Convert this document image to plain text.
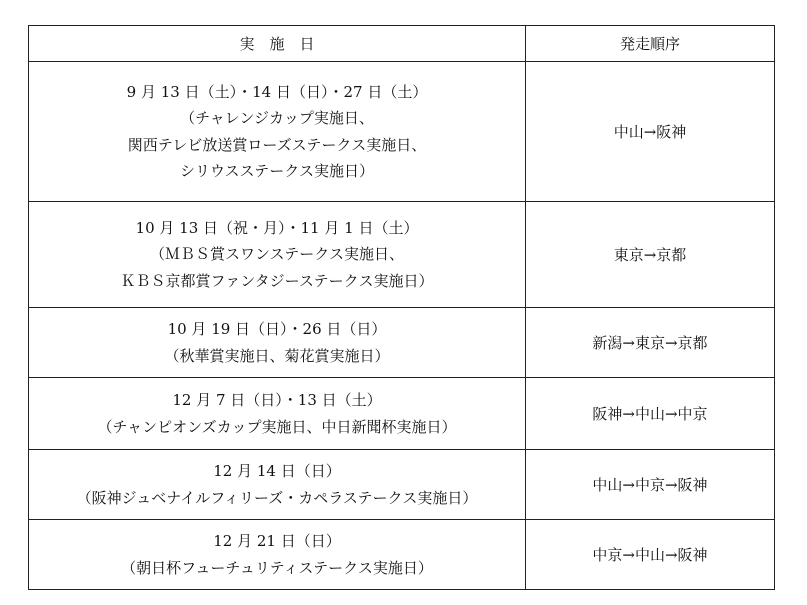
実　施　日	発走順序

9 月 13 日（土）・14 日（日）・27 日（土）
（チャレンジカップ実施日、
関西テレビ放送賞ローズステークス実施日、
シリウスステークス実施日）	中山→阪神

10 月 13 日（祝・月）・11 月 1 日（土）
（ＭＢＳ賞スワンステークス実施日、
ＫＢＳ京都賞ファンタジーステークス実施日）	東京→京都

10 月 19 日（日）・26 日（日）
（秋華賞実施日、菊花賞実施日）	新潟→東京→京都

12 月 7 日（日）・13 日（土）
（チャンピオンズカップ実施日、中日新聞杯実施日）	阪神→中山→中京

12 月 14 日（日）
（阪神ジュベナイルフィリーズ・カペラステークス実施日）	中山→中京→阪神

12 月 21 日（日）
（朝日杯フューチュリティステークス実施日）	中京→中山→阪神
